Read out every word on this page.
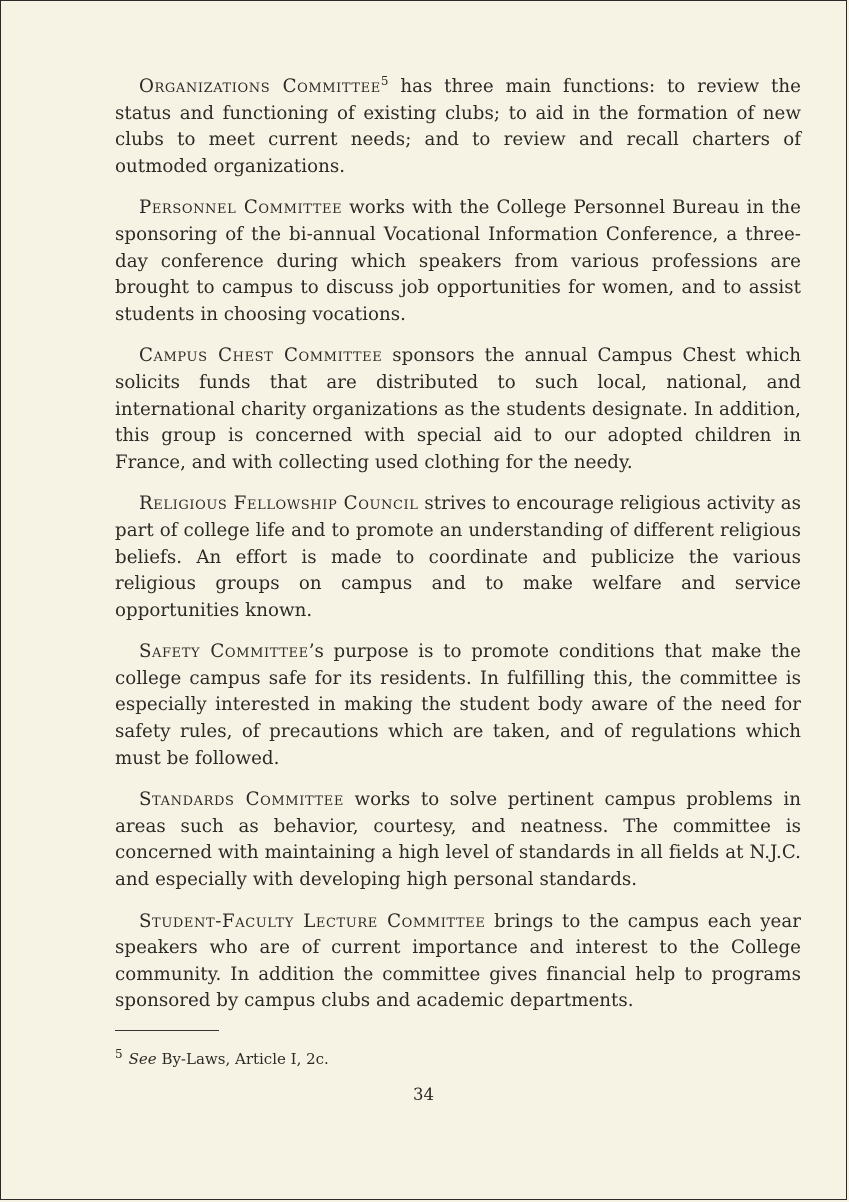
Organizations Committee$^5$ has three main functions: to review the status and functioning of existing clubs; to aid in the formation of new clubs to meet current needs; and to review and recall charters of outmoded organizations.

Personnel Committee works with the College Personnel Bureau in the sponsoring of the bi-annual Vocational Information Conference, a three-day conference during which speakers from various professions are brought to campus to discuss job opportunities for women, and to assist students in choosing vocations.

Campus Chest Committee sponsors the annual Campus Chest which solicits funds that are distributed to such local, national, and international charity organizations as the students designate. In addition, this group is concerned with special aid to our adopted children in France, and with collecting used clothing for the needy.

Religious Fellowship Council strives to encourage religious activity as part of college life and to promote an understanding of different religious beliefs. An effort is made to coordinate and publicize the various religious groups on campus and to make welfare and service opportunities known.

Safety Committee’s purpose is to promote conditions that make the college campus safe for its residents. In fulfilling this, the committee is especially interested in making the student body aware of the need for safety rules, of precautions which are taken, and of regulations which must be followed.

Standards Committee works to solve pertinent campus problems in areas such as behavior, courtesy, and neatness. The committee is concerned with maintaining a high level of standards in all fields at N.J.C. and especially with developing high personal standards.

Student-Faculty Lecture Committee brings to the campus each year speakers who are of current importance and interest to the College community. In addition the committee gives financial help to programs sponsored by campus clubs and academic departments.

$^5$ See By-Laws, Article I, 2c.
34
